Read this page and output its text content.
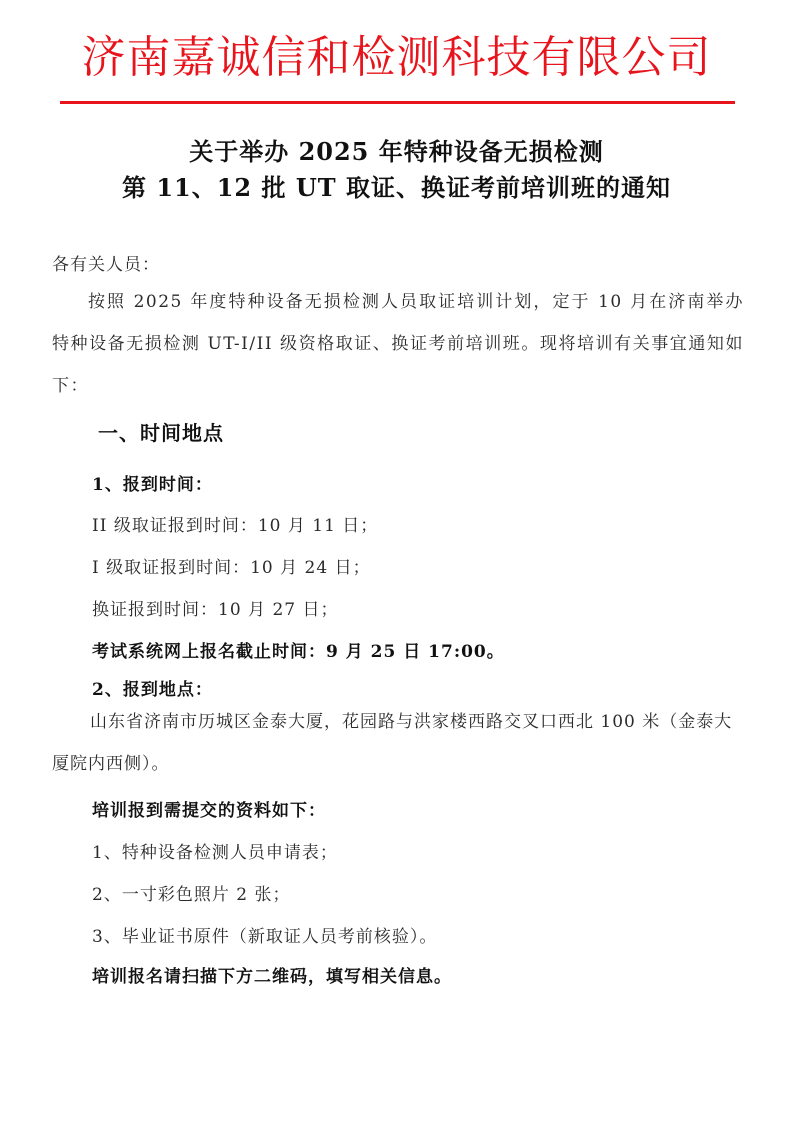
济南嘉诚信和检测科技有限公司
关于举办 2025 年特种设备无损检测
第 11、12 批 UT 取证、换证考前培训班的通知
各有关人员：
按照 2025 年度特种设备无损检测人员取证培训计划，定于 10 月在济南举办特种设备无损检测 UT-I/II 级资格取证、换证考前培训班。现将培训有关事宜通知如下：
一、时间地点
1、报到时间：
II 级取证报到时间：10 月 11 日；
I 级取证报到时间：10 月 24 日；
换证报到时间：10 月 27 日；
考试系统网上报名截止时间：9 月 25 日 17:00。
2、报到地点：
山东省济南市历城区金泰大厦，花园路与洪家楼西路交叉口西北 100 米（金泰大厦院内西侧）。
培训报到需提交的资料如下：
1、特种设备检测人员申请表；
2、一寸彩色照片 2 张；
3、毕业证书原件（新取证人员考前核验）。
培训报名请扫描下方二维码，填写相关信息。
